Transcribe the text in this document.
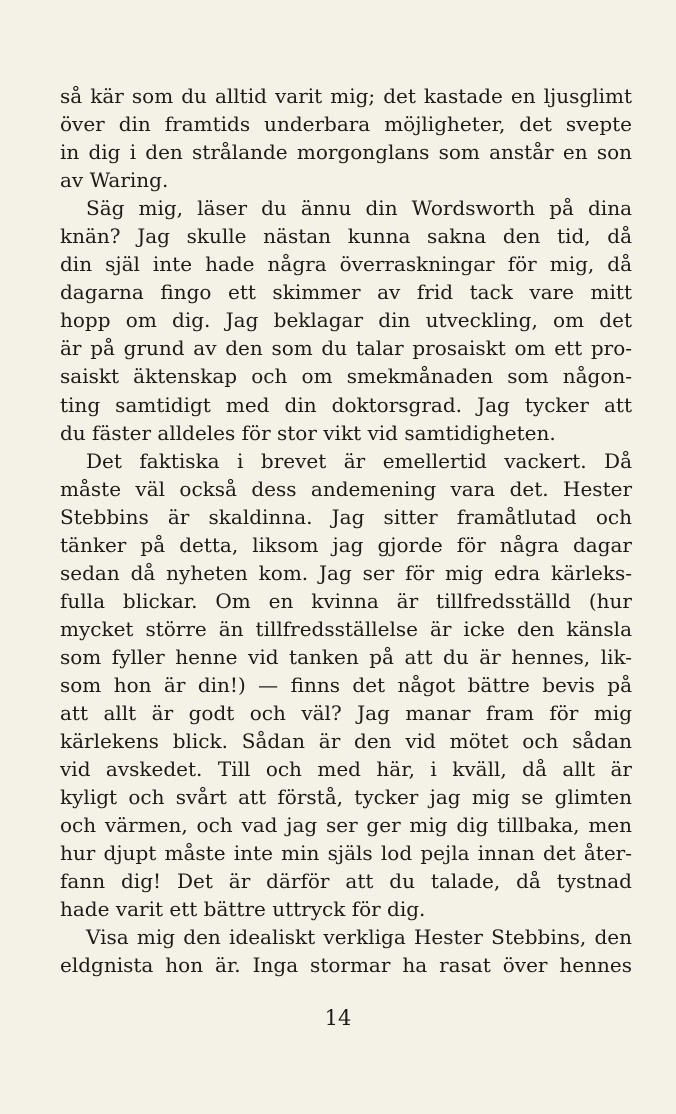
så kär som du alltid varit mig; det kastade en ljusglimt
över din framtids underbara möjligheter, det svepte
in dig i den strålande morgonglans som anstår en son
av Waring.
Säg mig, läser du ännu din Wordsworth på dina
knän? Jag skulle nästan kunna sakna den tid, då
din själ inte hade några överraskningar för mig, då
dagarna fingo ett skimmer av frid tack vare mitt
hopp om dig. Jag beklagar din utveckling, om det
är på grund av den som du talar prosaiskt om ett pro-
saiskt äktenskap och om smekmånaden som någon-
ting samtidigt med din doktorsgrad. Jag tycker att
du fäster alldeles för stor vikt vid samtidigheten.
Det faktiska i brevet är emellertid vackert. Då
måste väl också dess andemening vara det. Hester
Stebbins är skaldinna. Jag sitter framåtlutad och
tänker på detta, liksom jag gjorde för några dagar
sedan då nyheten kom. Jag ser för mig edra kärleks-
fulla blickar. Om en kvinna är tillfredsställd (hur
mycket större än tillfredsställelse är icke den känsla
som fyller henne vid tanken på att du är hennes, lik-
som hon är din!) — finns det något bättre bevis på
att allt är godt och väl? Jag manar fram för mig
kärlekens blick. Sådan är den vid mötet och sådan
vid avskedet. Till och med här, i kväll, då allt är
kyligt och svårt att förstå, tycker jag mig se glimten
och värmen, och vad jag ser ger mig dig tillbaka, men
hur djupt måste inte min själs lod pejla innan det åter-
fann dig! Det är därför att du talade, då tystnad
hade varit ett bättre uttryck för dig.
Visa mig den idealiskt verkliga Hester Stebbins, den
eldgnista hon är. Inga stormar ha rasat över hennes
14
